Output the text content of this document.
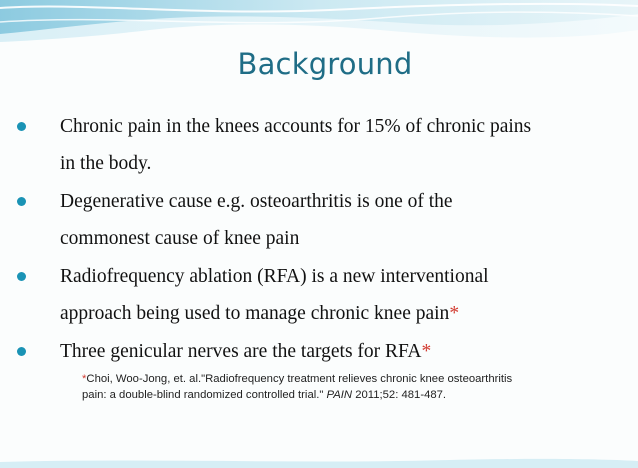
Background
Chronic pain in the knees accounts for 15% of chronic pains
in the body.
Degenerative cause e.g. osteoarthritis is one of the
commonest cause of knee pain
Radiofrequency ablation (RFA) is a new interventional
approach being used to manage chronic knee pain*
Three genicular nerves are the targets for RFA*
*Choi, Woo-Jong, et. al."Radiofrequency treatment relieves chronic knee osteoarthritis
pain: a double-blind randomized controlled trial." PAIN 2011;52: 481-487.
